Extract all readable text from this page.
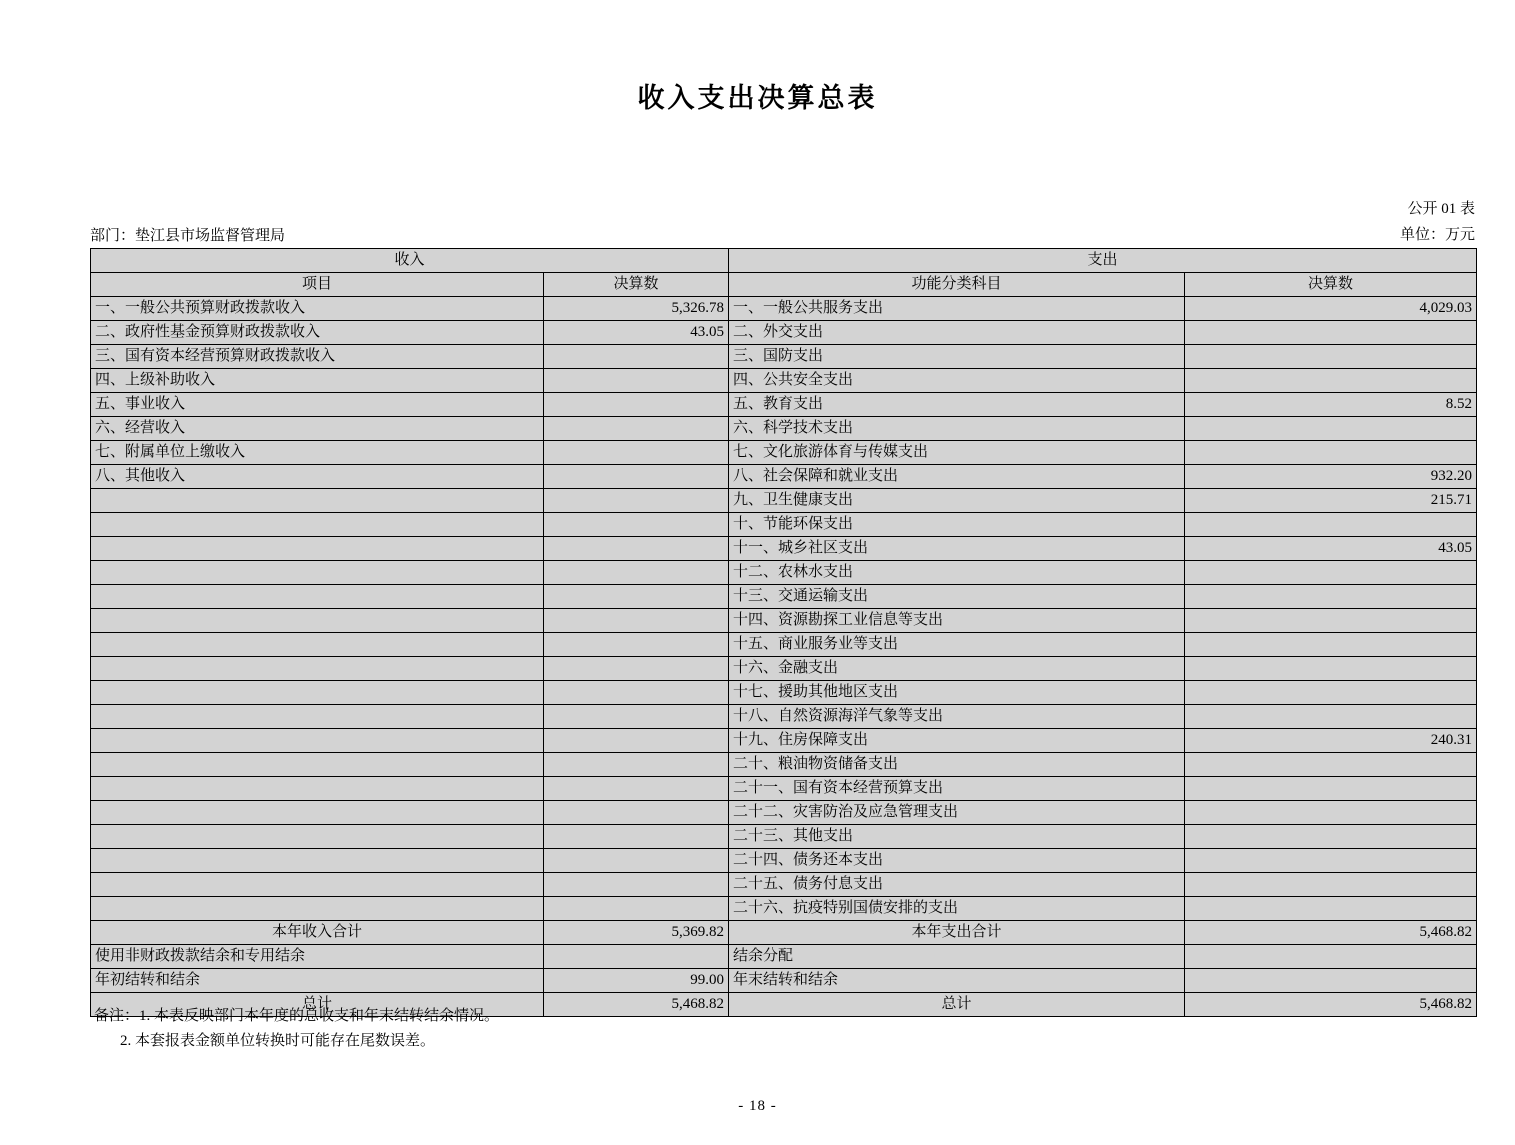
收入支出决算总表
公开 01 表
单位：万元
部门：垫江县市场监督管理局
收入		支出	
项目	决算数	功能分类科目	决算数
一、一般公共预算财政拨款收入	5,326.78	一、一般公共服务支出	4,029.03
二、政府性基金预算财政拨款收入	43.05	二、外交支出	
三、国有资本经营预算财政拨款收入		三、国防支出	
四、上级补助收入		四、公共安全支出	
五、事业收入		五、教育支出	8.52
六、经营收入		六、科学技术支出	
七、附属单位上缴收入		七、文化旅游体育与传媒支出	
八、其他收入		八、社会保障和就业支出	932.20
		九、卫生健康支出	215.71
		十、节能环保支出	
		十一、城乡社区支出	43.05
		十二、农林水支出	
		十三、交通运输支出	
		十四、资源勘探工业信息等支出	
		十五、商业服务业等支出	
		十六、金融支出	
		十七、援助其他地区支出	
		十八、自然资源海洋气象等支出	
		十九、住房保障支出	240.31
		二十、粮油物资储备支出	
		二十一、国有资本经营预算支出	
		二十二、灾害防治及应急管理支出	
		二十三、其他支出	
		二十四、债务还本支出	
		二十五、债务付息支出	
		二十六、抗疫特别国债安排的支出	
本年收入合计	5,369.82	本年支出合计	5,468.82
使用非财政拨款结余和专用结余		结余分配	
年初结转和结余	99.00	年末结转和结余	
总计	5,468.82	总计	5,468.82
备注：1. 本表反映部门本年度的总收支和年末结转结余情况。
2. 本套报表金额单位转换时可能存在尾数误差。
- 18 -
